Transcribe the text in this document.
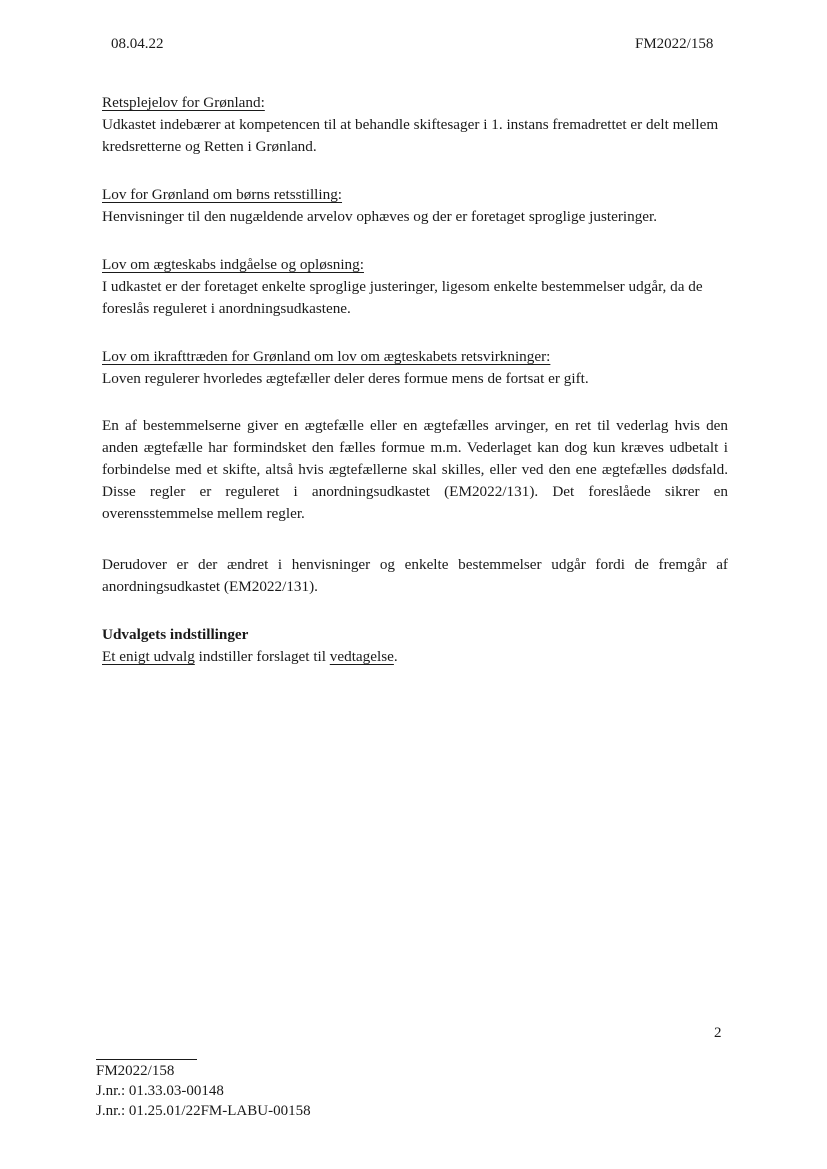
08.04.22	FM2022/158
Retsplejelov for Grønland:

Udkastet indebærer at kompetencen til at behandle skiftesager i 1. instans fremadrettet er delt mellem kredsretterne og Retten i Grønland.

Lov for Grønland om børns retsstilling:

Henvisninger til den nugældende arvelov ophæves og der er foretaget sproglige justeringer.

Lov om ægteskabs indgåelse og opløsning:

I udkastet er der foretaget enkelte sproglige justeringer, ligesom enkelte bestemmelser udgår, da de foreslås reguleret i anordningsudkastene.

Lov om ikrafttræden for Grønland om lov om ægteskabets retsvirkninger:

Loven regulerer hvorledes ægtefæller deler deres formue mens de fortsat er gift.

En af bestemmelserne giver en ægtefælle eller en ægtefælles arvinger, en ret til vederlag hvis den anden ægtefælle har formindsket den fælles formue m.m. Vederlaget kan dog kun kræves udbetalt i forbindelse med et skifte, altså hvis ægtefællerne skal skilles, eller ved den ene ægtefælles dødsfald. Disse regler er reguleret i anordningsudkastet (EM2022/131). Det foreslåede sikrer en overensstemmelse mellem regler.

Derudover er der ændret i henvisninger og enkelte bestemmelser udgår fordi de fremgår af anordningsudkastet (EM2022/131).

Udvalgets indstillinger

Et enigt udvalg indstiller forslaget til vedtagelse.

2
FM2022/158
J.nr.: 01.33.03-00148
J.nr.: 01.25.01/22FM-LABU-00158
